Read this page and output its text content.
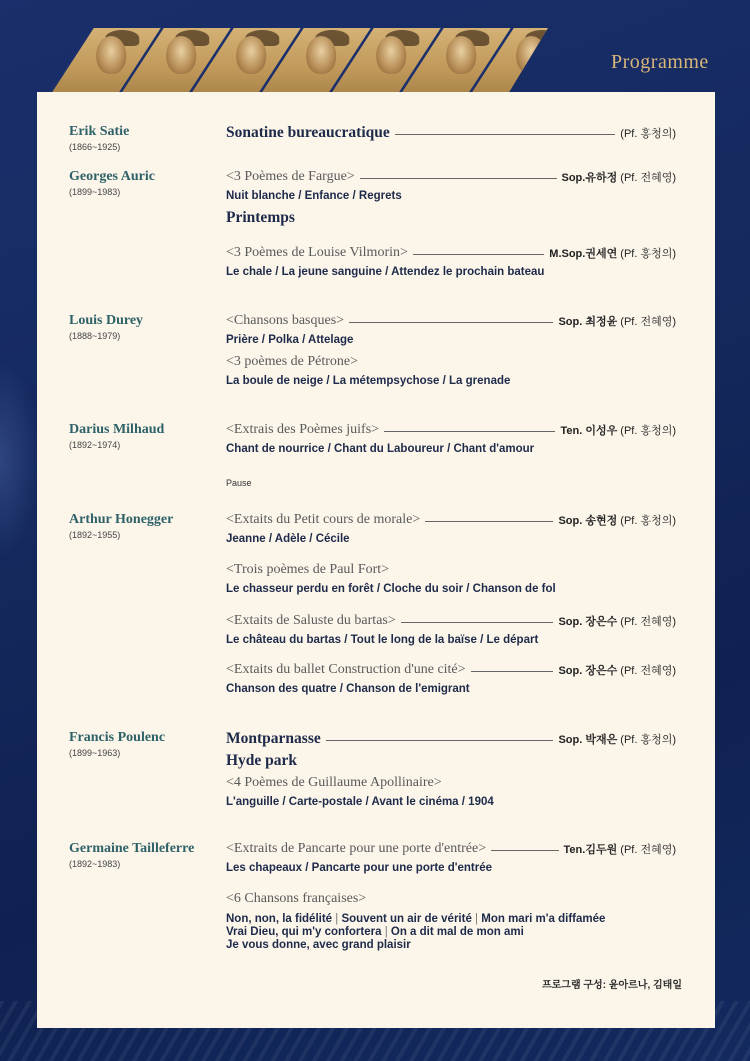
Programme
Erik Satie
(1866~1925)
Sonatine bureaucratique	(Pf. 홍청의)
Georges Auric
(1899~1983)
<3 Poèmes de Fargue>	Sop.유하정 (Pf. 전혜영)
Nuit blanche / Enfance / Regrets
Printemps
<3 Poèmes de Louise Vilmorin>	M.Sop.권세연 (Pf. 홍청의)
Le chale / La jeune sanguine / Attendez le prochain bateau
Louis Durey
(1888~1979)
<Chansons basques>	Sop. 최정윤 (Pf. 전혜영)
Prière / Polka / Attelage
<3 poèmes de Pétrone>
La boule de neige / La métempsychose / La grenade
Darius Milhaud
(1892~1974)
<Extrais des Poèmes juifs>	Ten. 이성우 (Pf. 홍청의)
Chant de nourrice / Chant du Laboureur / Chant d'amour
Pause
Arthur Honegger
(1892~1955)
<Extaits du Petit cours de morale>	Sop. 송현정 (Pf. 홍청의)
Jeanne / Adèle / Cécile
<Trois poèmes de Paul Fort>
Le chasseur perdu en forêt / Cloche du soir / Chanson de fol
<Extaits de Saluste du bartas>	Sop. 장은수 (Pf. 전혜영)
Le château du bartas / Tout le long de la baïse / Le départ
<Extaits du ballet Construction d'une cité>	Sop. 장은수 (Pf. 전혜영)
Chanson des quatre / Chanson de l'emigrant
Francis Poulenc
(1899~1963)
Montparnasse	Sop. 박재은 (Pf. 홍청의)
Hyde park
<4 Poèmes de Guillaume Apollinaire>
L'anguille / Carte-postale / Avant le cinéma / 1904
Germaine Tailleferre
(1892~1983)
<Extraits de Pancarte pour une porte d'entrée>	Ten.김두원 (Pf. 전혜영)
Les chapeaux / Pancarte pour une porte d'entrée
<6 Chansons françaises>
Non, non, la fidélité | Souvent un air de vérité | Mon mari m'a diffamée
Vrai Dieu, qui m'y confortera | On a dit mal de mon ami
Je vous donne, avec grand plaisir
프로그램 구성: 윤아르나, 김태일
